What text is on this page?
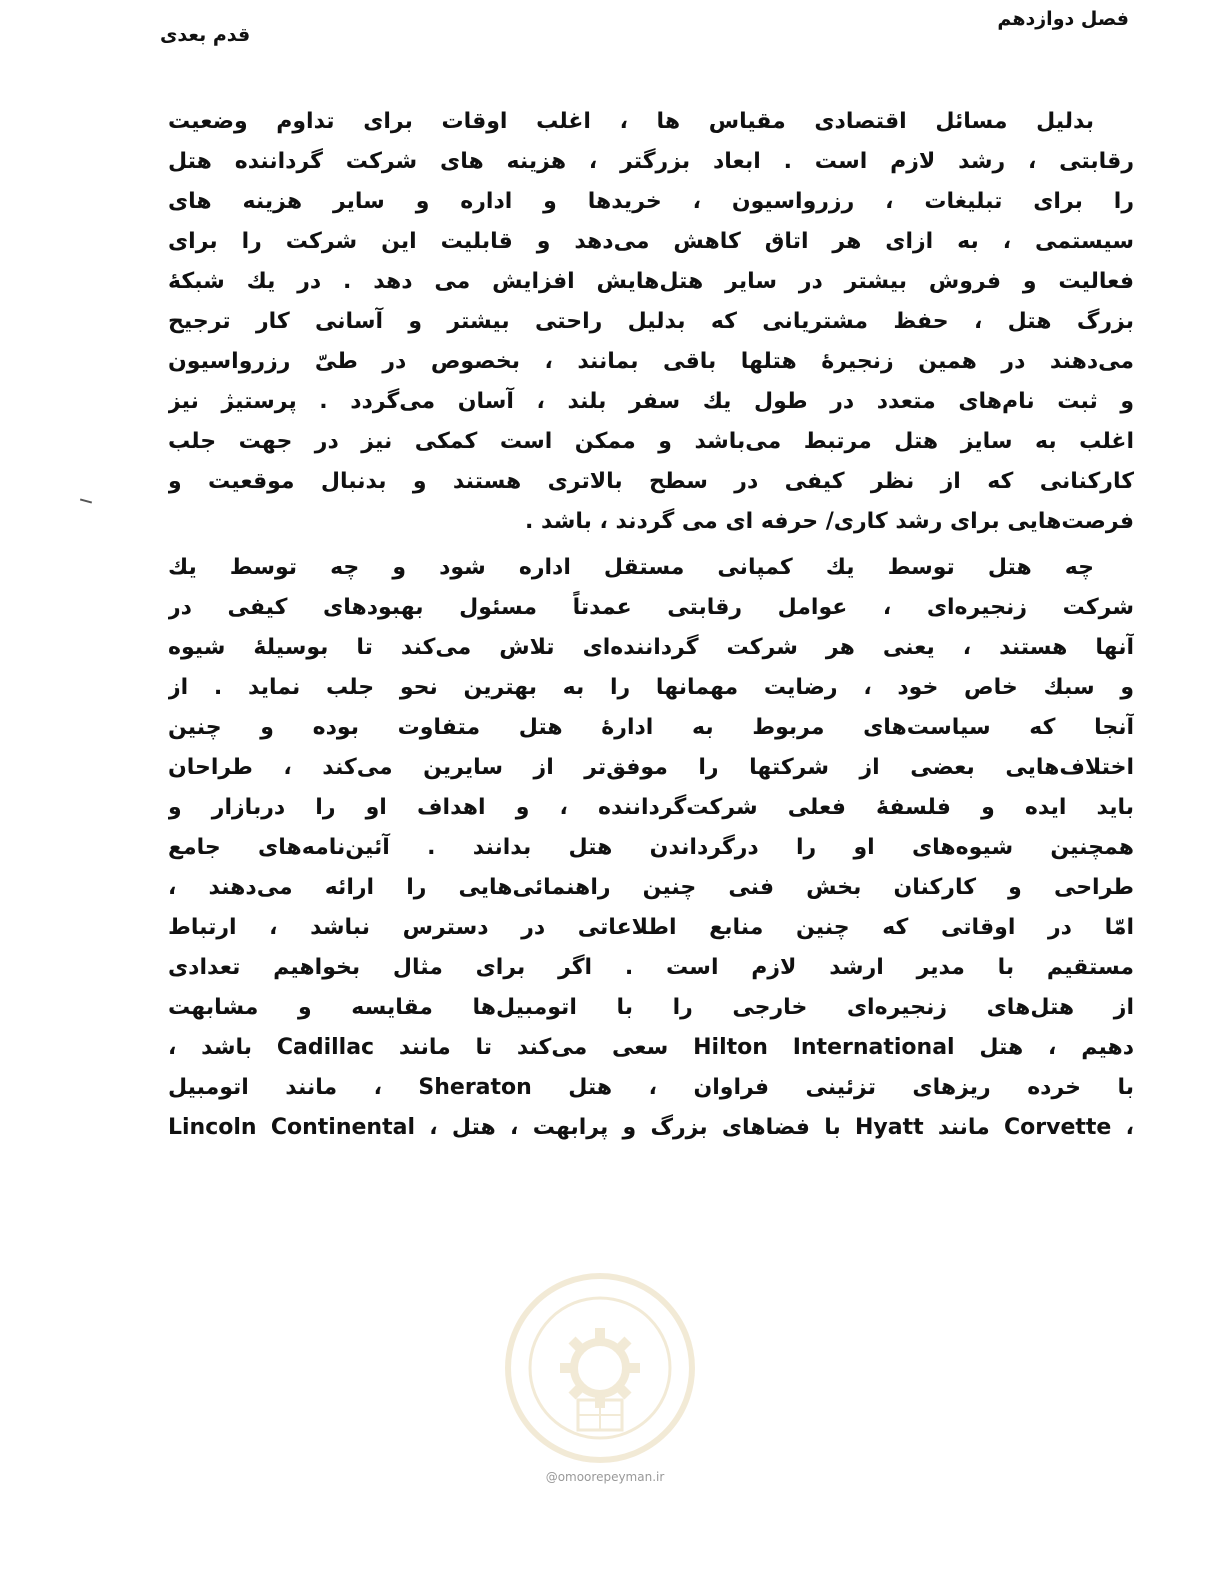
فصل دوازدهم
قدم بعدی
بدلیل مسائل اقتصادی مقیاس ها ، اغلب اوقات برای تداوم وضعیت
رقابتی ، رشد لازم است . ابعاد بزرگتر ، هزینه های شرکت گرداننده هتل
را برای تبلیغات ، رزرواسیون ، خریدها و اداره و سایر هزینه های
سیستمی ، به ازای هر اتاق کاهش می‌دهد و قابلیت این شرکت را برای
فعالیت و فروش بیشتر در سایر هتل‌هایش افزایش می دهد . در یك شبکهٔ
بزرگ هتل ، حفظ مشتریانی که بدلیل راحتی بیشتر و آسانی کار ترجیح
می‌دهند در همین زنجیرهٔ هتلها باقی بمانند ، بخصوص در طیّ رزرواسیون
و ثبت نام‌های متعدد در طول یك سفر بلند ، آسان می‌گردد . پرستیژ نیز
اغلب به سایز هتل مرتبط می‌باشد و ممکن است کمکی نیز در جهت جلب
کارکنانی که از نظر کیفی در سطح بالاتری هستند و بدنبال موقعیت و
فرصت‌هایی برای رشد کاری/ حرفه ای می گردند ، باشد .
چه هتل توسط یك کمپانی مستقل اداره شود و چه توسط یك
شرکت زنجیره‌ای ، عوامل رقابتی عمدتاً مسئول بهبودهای کیفی در
آنها هستند ، یعنی هر شرکت گرداننده‌ای تلاش می‌کند تا بوسیلهٔ شیوه
و سبك خاص خود ، رضایت مهمانها را به بهترین نحو جلب نماید . از
آنجا که سیاست‌های مربوط به ادارهٔ هتل متفاوت بوده و چنین
اختلاف‌هایی بعضی از شرکتها را موفق‌تر از سایرین می‌کند ، طراحان
باید ایده و فلسفهٔ فعلی شرکت‌گرداننده ، و اهداف او را دربازار و
همچنین شیوه‌های او را درگرداندن هتل بدانند . آئین‌نامه‌های جامع
طراحی و کارکنان بخش فنی چنین راهنمائی‌هایی را ارائه می‌دهند ،
امّا در اوقاتی که چنین منابع اطلاعاتی در دسترس نباشد ، ارتباط
مستقیم با مدیر ارشد لازم است . اگر برای مثال بخواهیم تعدادی
از هتل‌های زنجیره‌ای خارجی را با اتومبیل‌ها مقایسه و مشابهت
دهیم ، هتل Hilton International سعی می‌کند تا مانند Cadillac باشد ،
با خرده ریزهای تزئینی فراوان ، هتل Sheraton ، مانند اتومبیل
Lincoln Continental ، با فضاهای بزرگ و پرابهت ، هتل Hyatt مانند Corvette ،
@omoorepeyman.ir
